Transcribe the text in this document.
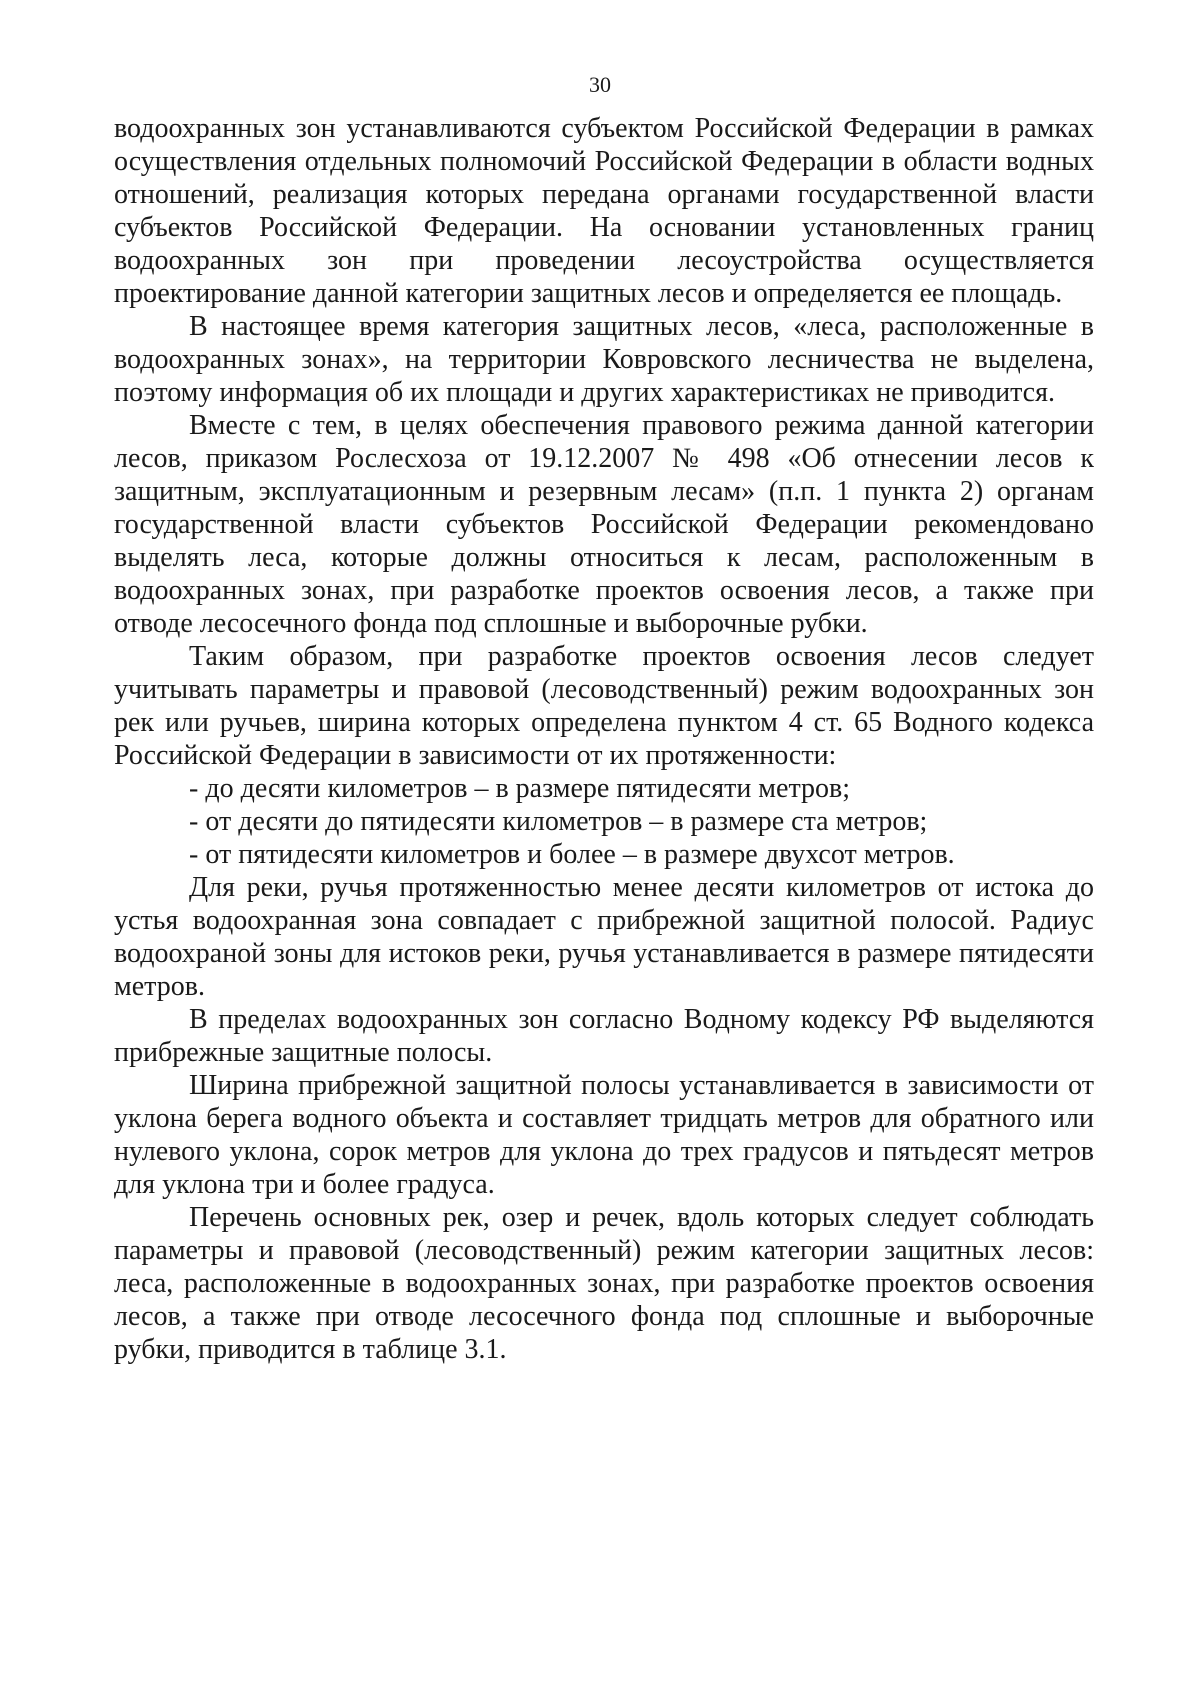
30

водоохранных зон устанавливаются субъектом Российской Федерации в рамках осуществления отдельных полномочий Российской Федерации в области водных отношений, реализация которых передана органами государственной власти субъектов Российской Федерации. На основании установленных границ водоохранных зон при проведении лесоустройства осуществляется проектирование данной категории защитных лесов и определяется ее площадь.

В настоящее время категория защитных лесов, «леса, расположенные в водоохранных зонах», на территории Ковровского лесничества не выделена, поэтому информация об их площади и других характеристиках не приводится.

Вместе с тем, в целях обеспечения правового режима данной категории лесов, приказом Рослесхоза от 19.12.2007 № 498 «Об отнесении лесов к защитным, эксплуатационным и резервным лесам» (п.п. 1 пункта 2) органам государственной власти субъектов Российской Федерации рекомендовано выделять леса, которые должны относиться к лесам, расположенным в водоохранных зонах, при разработке проектов освоения лесов, а также при отводе лесосечного фонда под сплошные и выборочные рубки.

Таким образом, при разработке проектов освоения лесов следует учитывать параметры и правовой (лесоводственный) режим водоохранных зон рек или ручьев, ширина которых определена пунктом 4 ст. 65 Водного кодекса Российской Федерации в зависимости от их протяженности:

- до десяти километров – в размере пятидесяти метров;

- от десяти до пятидесяти километров – в размере ста метров;

- от пятидесяти километров и более – в размере двухсот метров.

Для реки, ручья протяженностью менее десяти километров от истока до устья водоохранная зона совпадает с прибрежной защитной полосой. Радиус водоохраной зоны для истоков реки, ручья устанавливается в размере пятидесяти метров.

В пределах водоохранных зон согласно Водному кодексу РФ выделяются прибрежные защитные полосы.

Ширина прибрежной защитной полосы устанавливается в зависимости от уклона берега водного объекта и составляет тридцать метров для обратного или нулевого уклона, сорок метров для уклона до трех градусов и пятьдесят метров для уклона три и более градуса.

Перечень основных рек, озер и речек, вдоль которых следует соблюдать параметры и правовой (лесоводственный) режим категории защитных лесов: леса, расположенные в водоохранных зонах, при разработке проектов освоения лесов, а также при отводе лесосечного фонда под сплошные и выборочные рубки, приводится в таблице 3.1.
